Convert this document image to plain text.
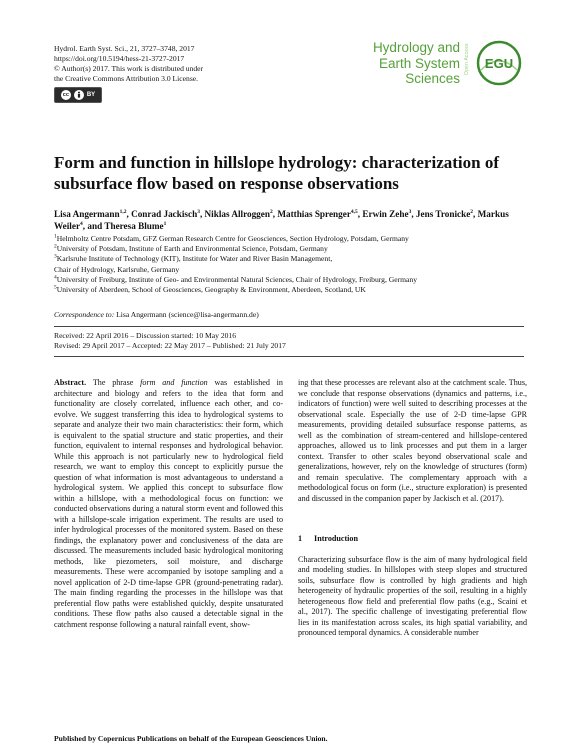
Hydrol. Earth Syst. Sci., 21, 3727–3748, 2017
https://doi.org/10.5194/hess-21-3727-2017
© Author(s) 2017. This work is distributed under
the Creative Commons Attribution 3.0 License.
cc	BY
Hydrology and
Earth System
Sciences
Open Access	EGU
Form and function in hillslope hydrology: characterization of subsurface flow based on response observations
Lisa Angermann$^{1,2}$, Conrad Jackisch$^3$, Niklas Allroggen$^2$, Matthias Sprenger$^{4,5}$, Erwin Zehe$^3$, Jens Tronicke$^2$, Markus Weiler$^4$, and Theresa Blume$^1$
$^1$Helmholtz Centre Potsdam, GFZ German Research Centre for Geosciences, Section Hydrology, Potsdam, Germany
$^2$University of Potsdam, Institute of Earth and Environmental Science, Potsdam, Germany
$^3$Karlsruhe Institute of Technology (KIT), Institute for Water and River Basin Management,
Chair of Hydrology, Karlsruhe, Germany
$^4$University of Freiburg, Institute of Geo- and Environmental Natural Sciences, Chair of Hydrology, Freiburg, Germany
$^5$University of Aberdeen, School of Geosciences, Geography & Environment, Aberdeen, Scotland, UK
Correspondence to: Lisa Angermann (science@lisa-angermann.de)
Received: 22 April 2016 – Discussion started: 10 May 2016
Revised: 29 April 2017 – Accepted: 22 May 2017 – Published: 21 July 2017

Abstract. The phrase form and function was established in architecture and biology and refers to the idea that form and functionality are closely correlated, influence each other, and co-evolve. We suggest transferring this idea to hydrological systems to separate and analyze their two main characteristics: their form, which is equivalent to the spatial structure and static properties, and their function, equivalent to internal responses and hydrological behavior. While this approach is not particularly new to hydrological field research, we want to employ this concept to explicitly pursue the question of what information is most advantageous to understand a hydrological system. We applied this concept to subsurface flow within a hillslope, with a methodological focus on function: we conducted observations during a natural storm event and followed this with a hillslope-scale irrigation experiment. The results are used to infer hydrological processes of the monitored system. Based on these findings, the explanatory power and conclusiveness of the data are discussed. The measurements included basic hydrological monitoring methods, like piezometers, soil moisture, and discharge measurements. These were accompanied by isotope sampling and a novel application of 2-D time-lapse GPR (ground-penetrating radar). The main finding regarding the processes in the hillslope was that preferential flow paths were established quickly, despite unsaturated conditions. These flow paths also caused a detectable signal in the catchment response following a natural rainfall event, show-

ing that these processes are relevant also at the catchment scale. Thus, we conclude that response observations (dynamics and patterns, i.e., indicators of function) were well suited to describing processes at the observational scale. Especially the use of 2-D time-lapse GPR measurements, providing detailed subsurface response patterns, as well as the combination of stream-centered and hillslope-centered approaches, allowed us to link processes and put them in a larger context. Transfer to other scales beyond observational scale and generalizations, however, rely on the knowledge of structures (form) and remain speculative. The complementary approach with a methodological focus on form (i.e., structure exploration) is presented and discussed in the companion paper by Jackisch et al. (2017).

1 Introduction

Characterizing subsurface flow is the aim of many hydrological field and modeling studies. In hillslopes with steep slopes and structured soils, subsurface flow is controlled by high gradients and high heterogeneity of hydraulic properties of the soil, resulting in a highly heterogeneous flow field and preferential flow paths (e.g., Scaini et al., 2017). The specific challenge of investigating preferential flow lies in its manifestation across scales, its high spatial variability, and pronounced temporal dynamics. A considerable number

Published by Copernicus Publications on behalf of the European Geosciences Union.
